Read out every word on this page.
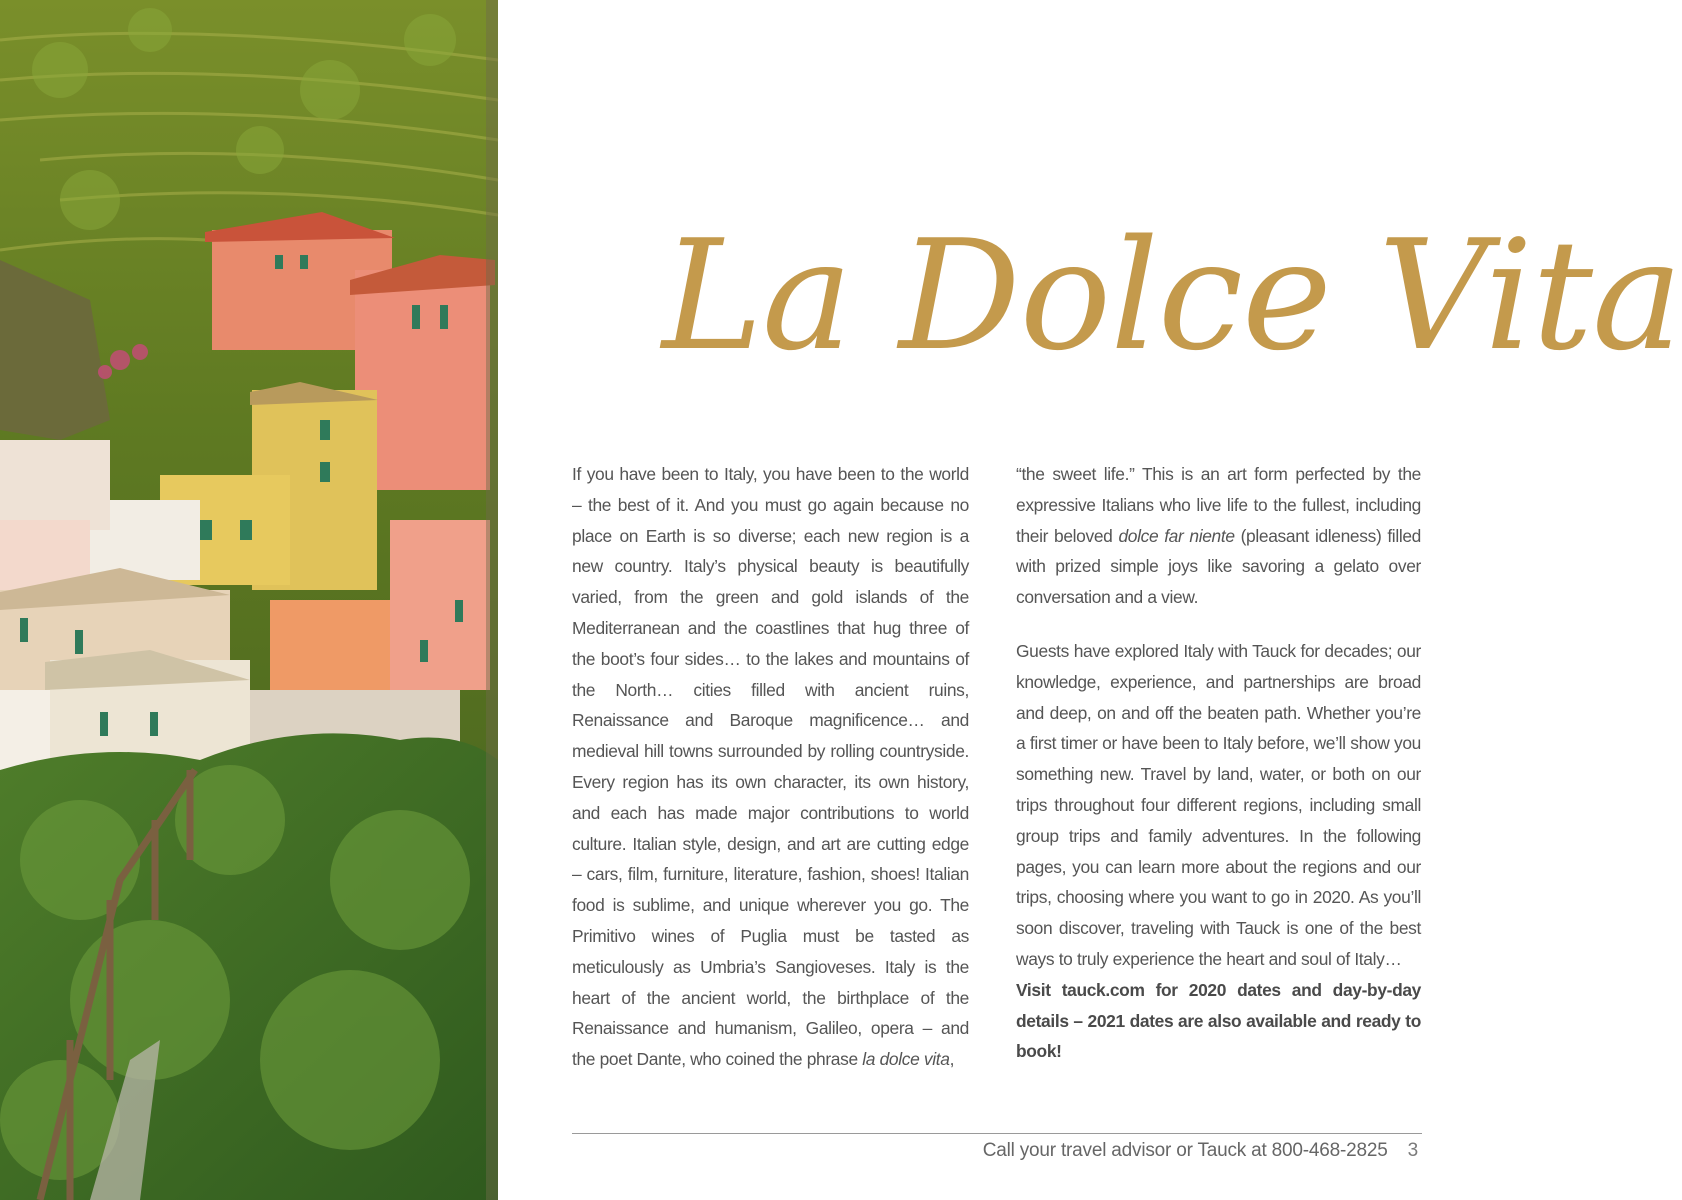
La Dolce Vita

If you have been to Italy, you have been to the world – the best of it. And you must go again because no place on Earth is so diverse; each new region is a new country. Italy’s physical beauty is beautifully varied, from the green and gold islands of the Mediterranean and the coastlines that hug three of the boot’s four sides… to the lakes and mountains of the North… cities filled with ancient ruins, Renaissance and Baroque magnificence… and medieval hill towns surrounded by rolling countryside. Every region has its own character, its own history, and each has made major contributions to world culture. Italian style, design, and art are cutting edge – cars, film, furniture, literature, fashion, shoes! Italian food is sublime, and unique wherever you go. The Primitivo wines of Puglia must be tasted as meticulously as Umbria’s Sangioveses. Italy is the heart of the ancient world, the birthplace of the Renaissance and humanism, Galileo, opera – and the poet Dante, who coined the phrase la dolce vita,

“the sweet life.” This is an art form perfected by the expressive Italians who live life to the fullest, including their beloved dolce far niente (pleasant idleness) filled with prized simple joys like savoring a gelato over conversation and a view.

Guests have explored Italy with Tauck for decades; our knowledge, experience, and partnerships are broad and deep, on and off the beaten path. Whether you’re a first timer or have been to Italy before, we’ll show you something new. Travel by land, water, or both on our trips throughout four different regions, including small group trips and family adventures. In the following pages, you can learn more about the regions and our trips, choosing where you want to go in 2020. As you’ll soon discover, traveling with Tauck is one of the best ways to truly experience the heart and soul of Italy…

Visit tauck.com for 2020 dates and day-by-day details – 2021 dates are also available and ready to book!

Call your travel advisor or Tauck at 800-468-2825 3
